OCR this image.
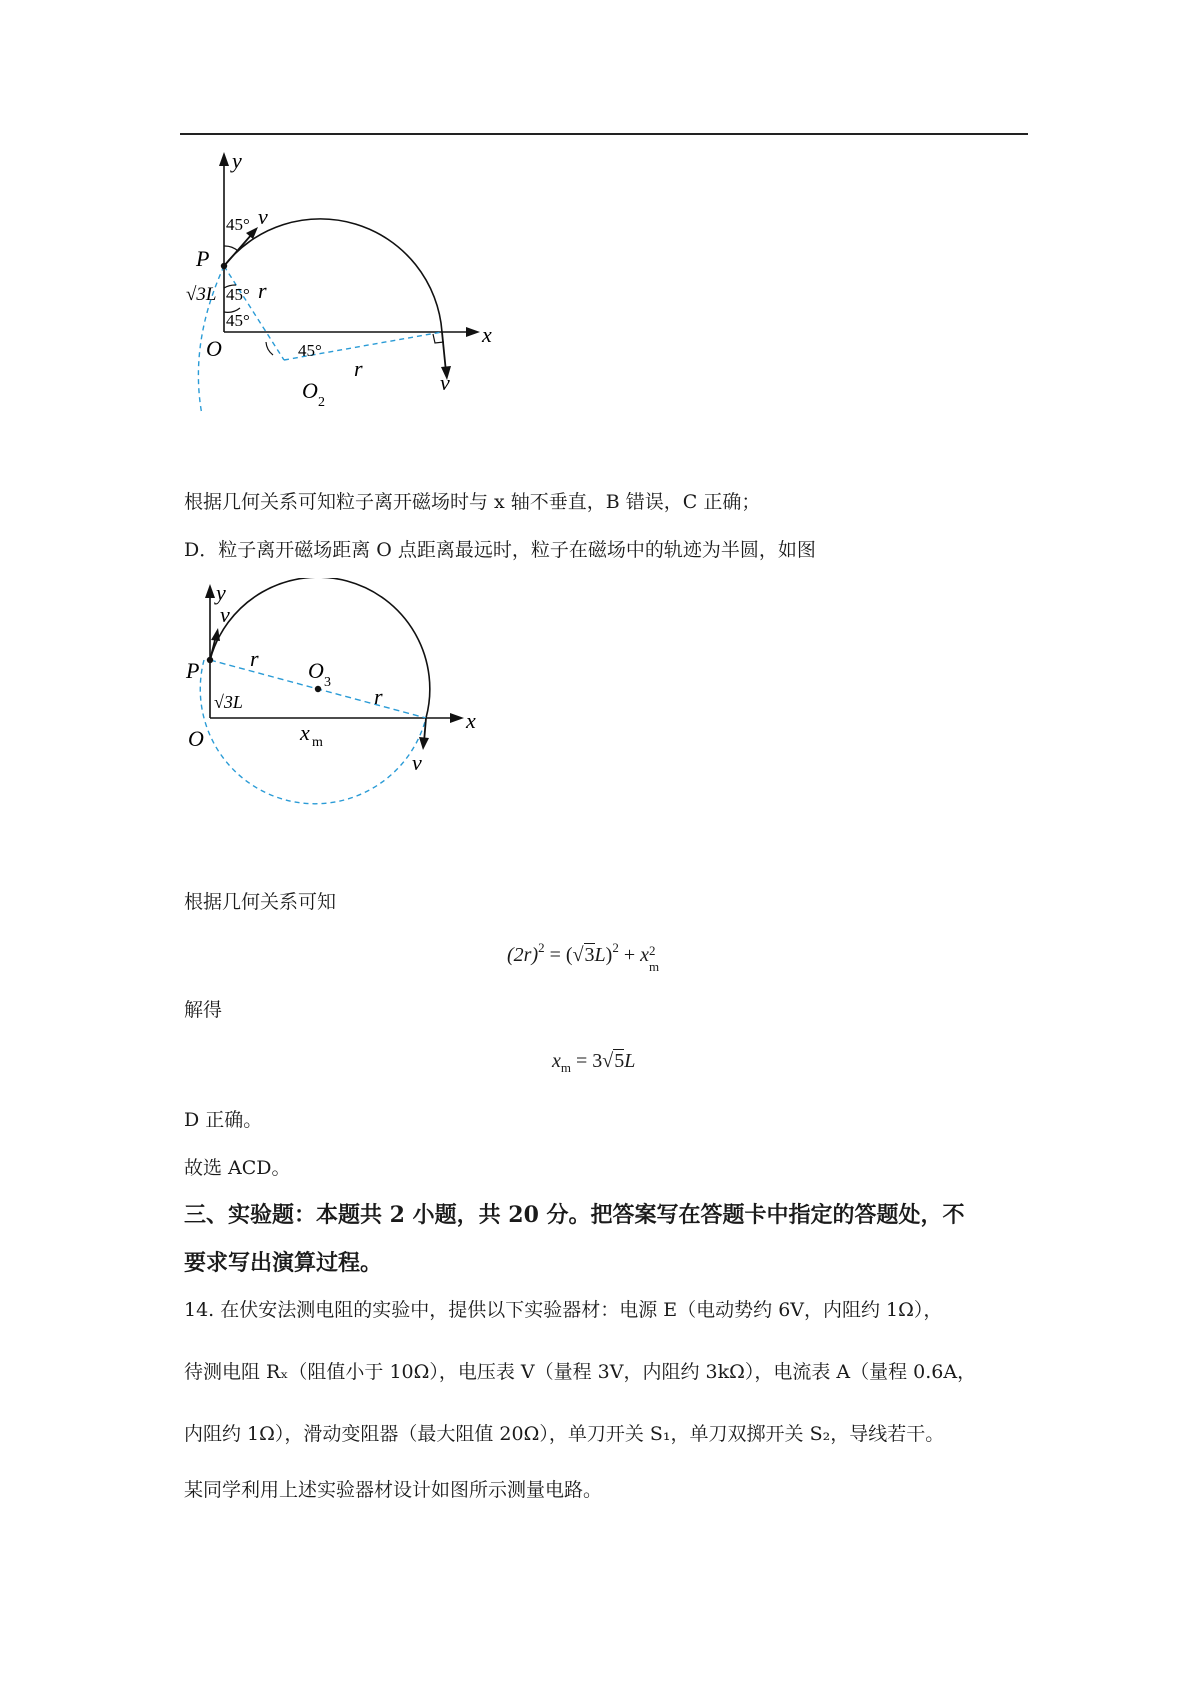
y
x
O
P
O 2
v
v
r
r
45°
45°
45°
45°
√3L
根据几何关系可知粒子离开磁场时与 x 轴不垂直，B 错误，C 正确；
D．粒子离开磁场距离 O 点距离最远时，粒子在磁场中的轨迹为半圆，如图
y
x
O
P	O 3
v
v
r
r
√3L
x m
根据几何关系可知
$(2r)^2 = (√3L)^2 + x$ 2
m
解得
$x_m = 3√5L$
D 正确。
故选 ACD。
三、实验题：本题共 2 小题，共 20 分。把答案写在答题卡中指定的答题处，不
要求写出演算过程。
14. 在伏安法测电阻的实验中，提供以下实验器材：电源 E（电动势约 6V，内阻约 1Ω），
待测电阻 Rₓ（阻值小于 10Ω），电压表 V（量程 3V，内阻约 3kΩ），电流表 A（量程 0.6A，
内阻约 1Ω），滑动变阻器（最大阻值 20Ω），单刀开关 S₁，单刀双掷开关 S₂，导线若干。
某同学利用上述实验器材设计如图所示测量电路。
